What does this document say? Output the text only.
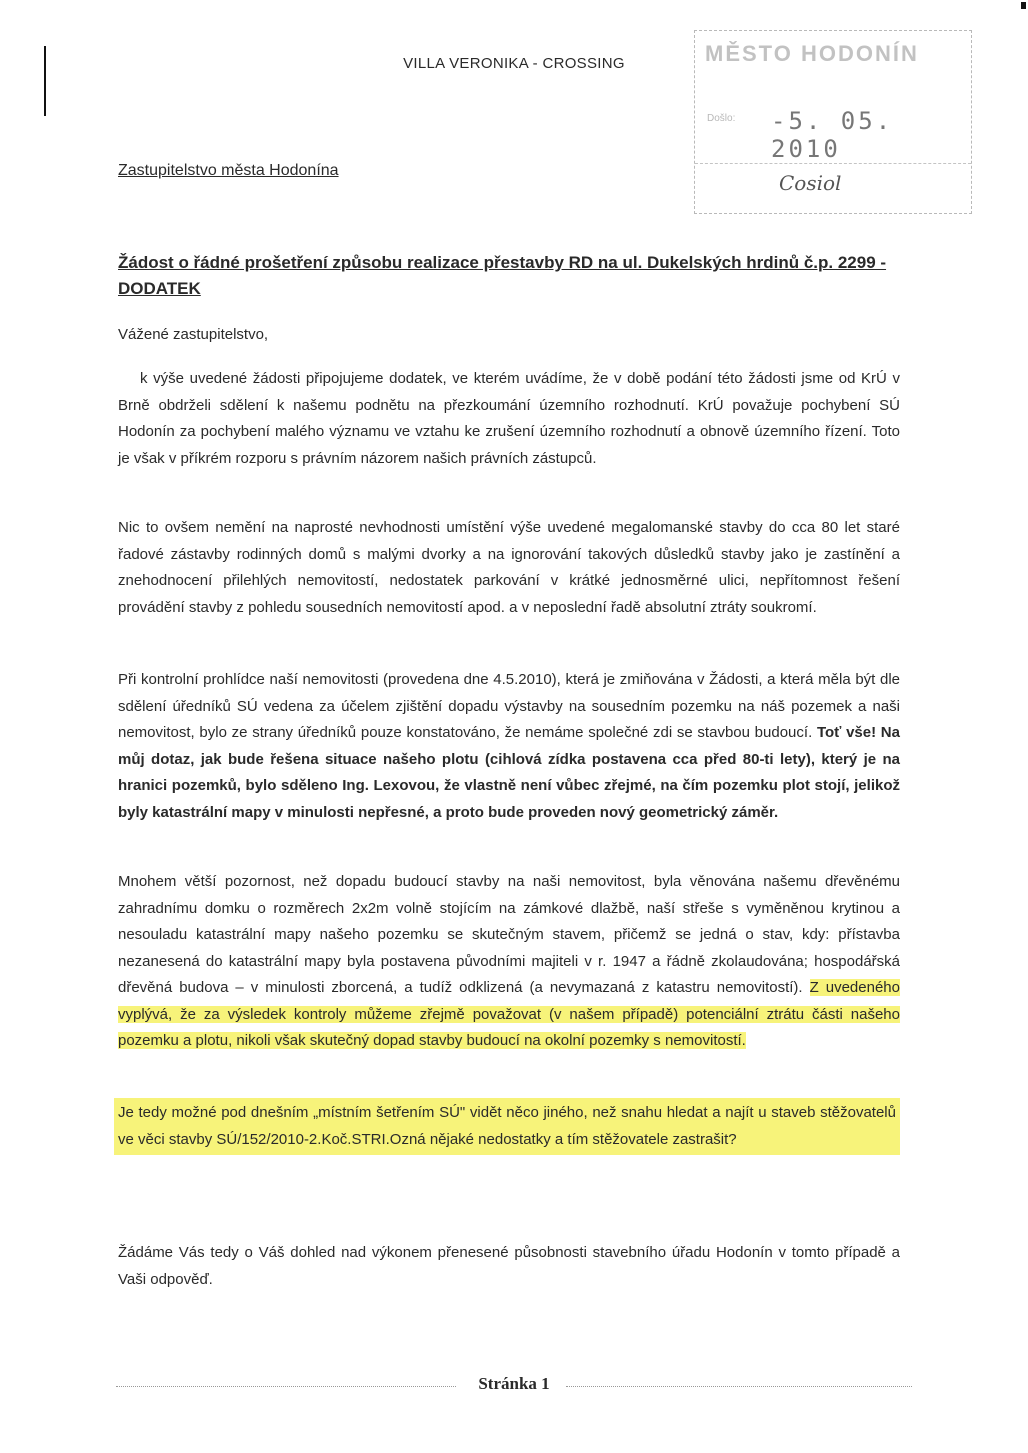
VILLA VERONIKA - CROSSING	MĚSTO HODONÍN
Došlo: -5. 05. 2010
Cosiol
Zastupitelstvo města Hodonína
Žádost o řádné prošetření způsobu realizace přestavby RD na ul. Dukelských hrdinů č.p. 2299 - DODATEK
Vážené zastupitelstvo,
k výše uvedené žádosti připojujeme dodatek, ve kterém uvádíme, že v době podání této žádosti jsme od KrÚ v Brně obdrželi sdělení k našemu podnětu na přezkoumání územního rozhodnutí. KrÚ považuje pochybení SÚ Hodonín za pochybení malého významu ve vztahu ke zrušení územního rozhodnutí a obnově územního řízení. Toto je však v příkrém rozporu s právním názorem našich právních zástupců.
Nic to ovšem nemění na naprosté nevhodnosti umístění výše uvedené megalomanské stavby do cca 80 let staré řadové zástavby rodinných domů s malými dvorky a na ignorování takových důsledků stavby jako je zastínění a znehodnocení přilehlých nemovitostí, nedostatek parkování v krátké jednosměrné ulici, nepřítomnost řešení provádění stavby z pohledu sousedních nemovitostí apod. a v neposlední řadě absolutní ztráty soukromí.
Při kontrolní prohlídce naší nemovitosti (provedena dne 4.5.2010), která je zmiňována v Žádosti, a která měla být dle sdělení úředníků SÚ vedena za účelem zjištění dopadu výstavby na sousedním pozemku na náš pozemek a naši nemovitost, bylo ze strany úředníků pouze konstatováno, že nemáme společné zdi se stavbou budoucí. Toť vše! Na můj dotaz, jak bude řešena situace našeho plotu (cihlová zídka postavena cca před 80-ti lety), který je na hranici pozemků, bylo sděleno Ing. Lexovou, že vlastně není vůbec zřejmé, na čím pozemku plot stojí, jelikož byly katastrální mapy v minulosti nepřesné, a proto bude proveden nový geometrický záměr.
Mnohem větší pozornost, než dopadu budoucí stavby na naši nemovitost, byla věnována našemu dřevěnému zahradnímu domku o rozměrech 2x2m volně stojícím na zámkové dlažbě, naší střeše s vyměněnou krytinou a nesouladu katastrální mapy našeho pozemku se skutečným stavem, přičemž se jedná o stav, kdy: přístavba nezanesená do katastrální mapy byla postavena původními majiteli v r. 1947 a řádně zkolaudována; hospodářská dřevěná budova – v minulosti zborcená, a tudíž odklizená (a nevymazaná z katastru nemovitostí). Z uvedeného vyplývá, že za výsledek kontroly můžeme zřejmě považovat (v našem případě) potenciální ztrátu části našeho pozemku a plotu, nikoli však skutečný dopad stavby budoucí na okolní pozemky s nemovitostí.
Je tedy možné pod dnešním „místním šetřením SÚ" vidět něco jiného, než snahu hledat a najít u staveb stěžovatelů ve věci stavby SÚ/152/2010-2.Koč.STRI.Ozná nějaké nedostatky a tím stěžovatele zastrašit?
Žádáme Vás tedy o Váš dohled nad výkonem přenesené působnosti stavebního úřadu Hodonín v tomto případě a Vaši odpověď.
Stránka 1
